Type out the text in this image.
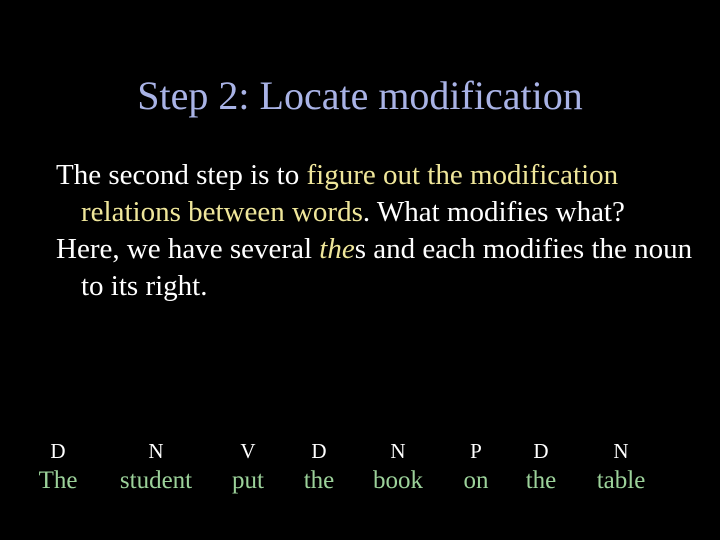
Step 2: Locate modification

The second step is to figure out the modification relations between words. What modifies what?

Here, we have several thes and each modifies the noun to its right.

D
The
N
student
V
put
D
the
N
book
P
on
D
the
N
table
